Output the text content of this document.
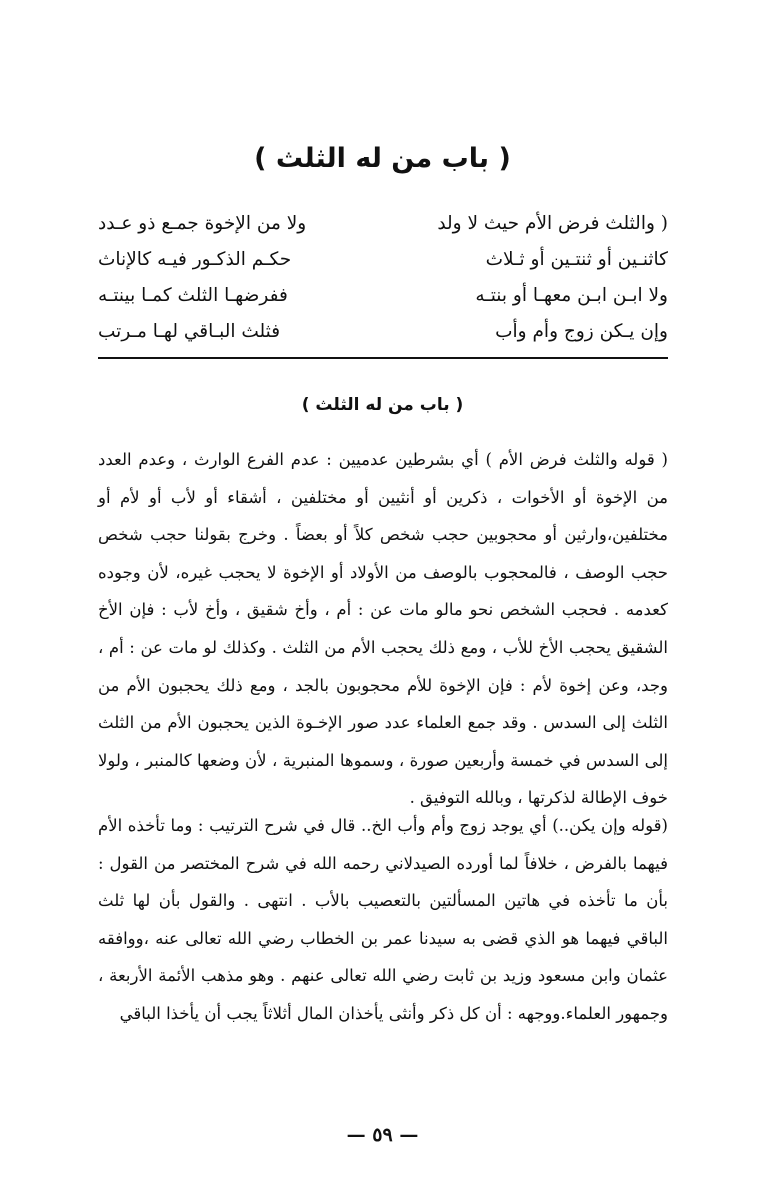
( باب من له الثلث )
( والثلث فرض الأم حيث لا ولد
ولا من الإخوة جمـع ذو عـدد
كاثنـين أو ثنتـين أو ثـلاث
حكـم الذكـور فيـه كالإناث
ولا ابـن ابـن معهـا أو بنتـه
ففرضهـا الثلث كمـا بينتـه
وإن يـكن زوج وأم وأب
فثلث البـاقي لهـا مـرتب
( باب من له الثلث )
( قوله والثلث فرض الأم ) أي بشرطين عدميين : عدم الفرع الوارث ، وعدم العدد من الإخوة أو الأخوات ، ذكرين أو أنثيين أو مختلفين ، أشقاء أو لأب أو لأم أو مختلفين،وارثين أو محجوبين حجب شخص كلاً أو بعضاً . وخرج بقولنا حجب شخص حجب الوصف ، فالمحجوب بالوصف من الأولاد أو الإخوة لا يحجب غيره، لأن وجوده كعدمه . فحجب الشخص نحو مالو مات عن : أم ، وأخ شقيق ، وأخ لأب : فإن الأخ الشقيق يحجب الأخ للأب ، ومع ذلك يحجب الأم من الثلث . وكذلك لو مات عن : أم ، وجد، وعن إخوة لأم : فإن الإخوة للأم محجوبون بالجد ، ومع ذلك يحجبون الأم من الثلث إلى السدس . وقد جمع العلماء عدد صور الإخـوة الذين يحجبون الأم من الثلث إلى السدس في خمسة وأربعين صورة ، وسموها المنبرية ، لأن وضعها كالمنبر ، ولولا خوف الإطالة لذكرتها ، وبالله التوفيق .
(قوله وإن يكن..) أي يوجد زوج وأم وأب الخ.. قال في شرح الترتيب : وما تأخذه الأم فيهما بالفرض ، خلافاً لما أورده الصيدلاني رحمه الله في شرح المختصر من القول : بأن ما تأخذه في هاتين المسألتين بالتعصيب بالأب . انتهى . والقول بأن لها ثلث الباقي فيهما هو الذي قضى به سيدنا عمر بن الخطاب رضي الله تعالى عنه ،ووافقه عثمان وابن مسعود وزيد بن ثابت رضي الله تعالى عنهم . وهو مذهب الأئمة الأربعة ، وجمهور العلماء.ووجهه : أن كل ذكر وأنثى يأخذان المال أثلاثاً يجب أن يأخذا الباقي
— ٥٩ —
